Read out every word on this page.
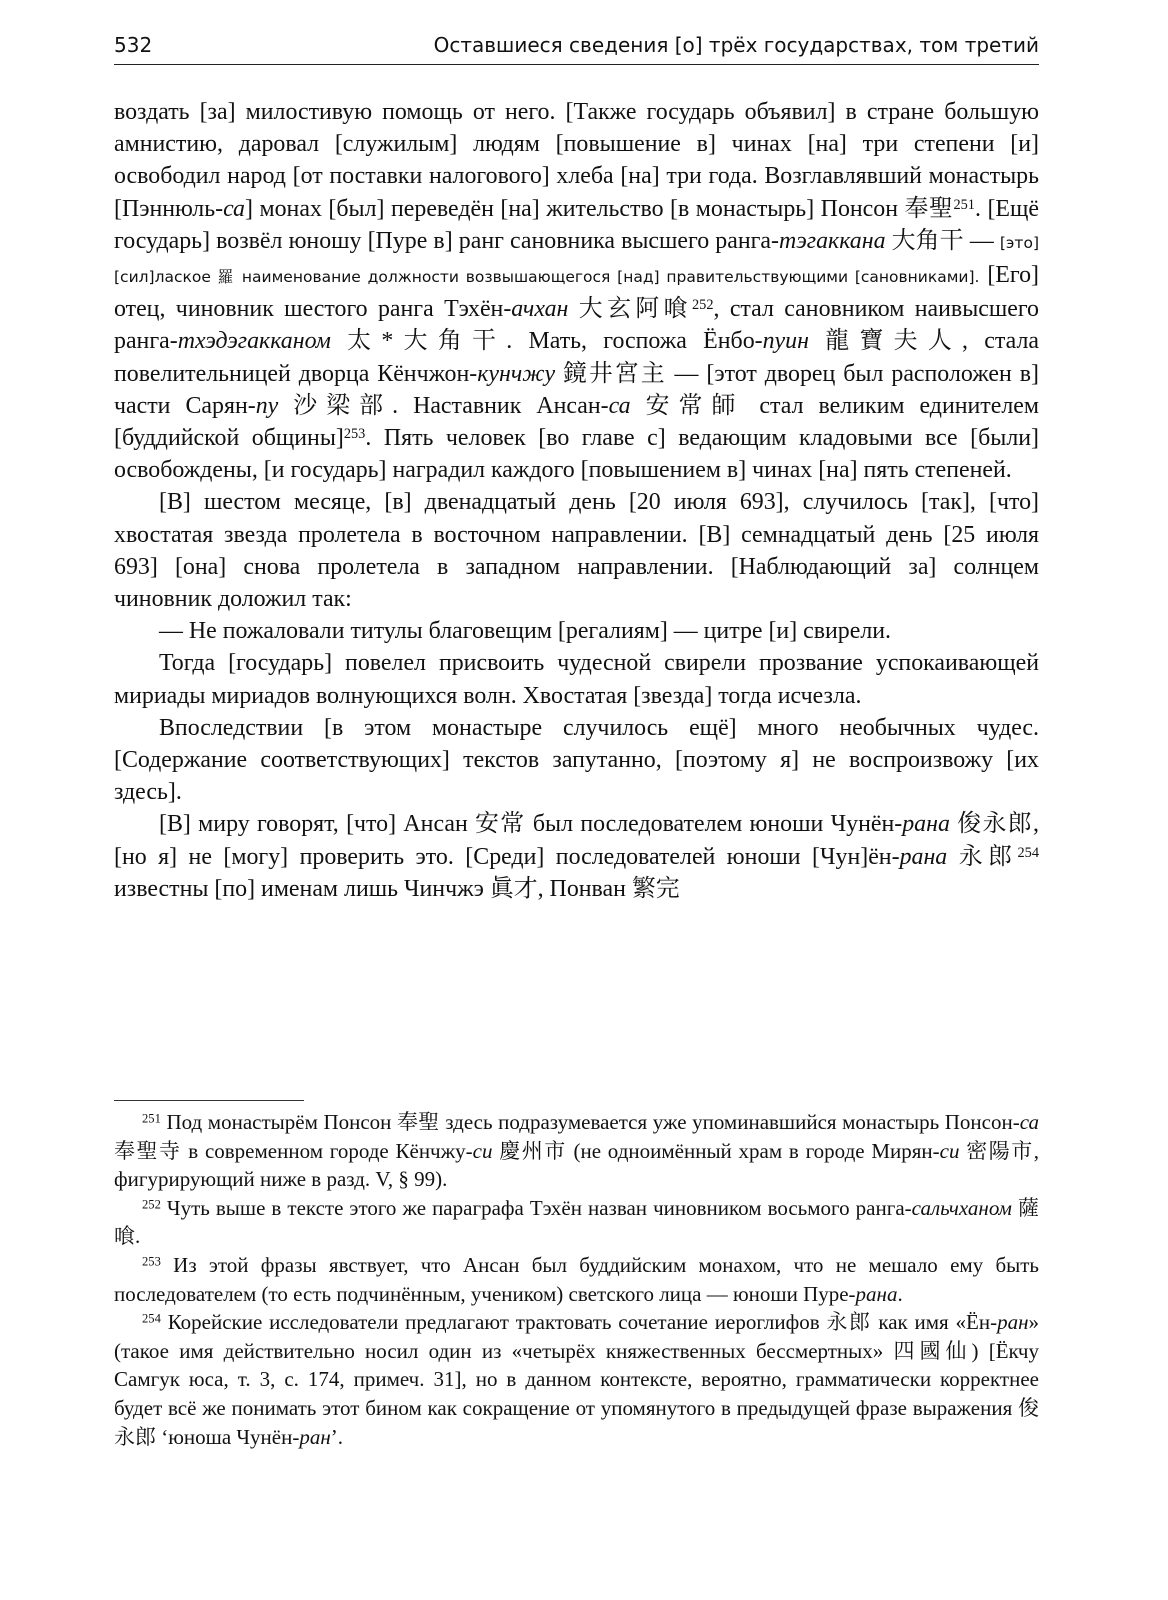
532	Оставшиеся сведения [о] трёх государствах, том третий

воздать [за] милостивую помощь от него. [Также государь объявил] в стране большую амнистию, даровал [служилым] людям [повышение в] чинах [на] три степени [и] освободил народ [от поставки налогового] хлеба [на] три года. Возглавлявший монастырь [Пэннюль-са] монах [был] переведён [на] жительство [в монастырь] Понсон 奉聖$^{251}$. [Ещё государь] возвёл юношу [Пуре в] ранг сановника высшего ранга-тэгаккана 大角干 — [это] [сил]лаское 羅 наименование должности возвышающегося [над] правительствующими [сановниками]. [Его] отец, чиновник шестого ранга Тэхён-ачхан 大玄阿喰$^{252}$, стал сановником наивысшего ранга-тхэдэгакканом 太*大角干. Мать, госпожа Ёнбо-пуин 龍寶夫人, стала повелительницей дворца Кёнчжон-кунчжу 鏡井宮主 — [этот дворец был расположен в] части Сарян-пу 沙梁部. Наставник Ансан-са 安常師 стал великим единителем [буддийской общины]$^{253}$. Пять человек [во главе с] ведающим кладовыми все [были] освобождены, [и государь] наградил каждого [повышением в] чинах [на] пять степеней.

[В] шестом месяце, [в] двенадцатый день [20 июля 693], случилось [так], [что] хвостатая звезда пролетела в восточном направлении. [В] семнадцатый день [25 июля 693] [она] снова пролетела в западном направлении. [Наблюдающий за] солнцем чиновник доложил так:

— Не пожаловали титулы благовещим [регалиям] — цитре [и] свирели.

Тогда [государь] повелел присвоить чудесной свирели прозвание успокаивающей мириады мириадов волнующихся волн. Хвостатая [звезда] тогда исчезла.

Впоследствии [в этом монастыре случилось ещё] много необычных чудес. [Содержание соответствующих] текстов запутанно, [поэтому я] не воспроизвожу [их здесь].

[В] миру говорят, [что] Ансан 安常 был последователем юноши Чунён-рана 俊永郎, [но я] не [могу] проверить это. [Среди] последователей юноши [Чун]ён-рана 永郎$^{254}$ известны [по] именам лишь Чинчжэ 眞才, Понван 繁完

$^{251}$ Под монастырём Понсон 奉聖 здесь подразумевается уже упоминавшийся монастырь Понсон-са 奉聖寺 в современном городе Кёнчжу-си 慶州市 (не одноимённый храм в городе Мирян-си 密陽市, фигурирующий ниже в разд. V, § 99).

$^{252}$ Чуть выше в тексте этого же параграфа Тэхён назван чиновником восьмого ранга-сальчханом 薩喰.

$^{253}$ Из этой фразы явствует, что Ансан был буддийским монахом, что не мешало ему быть последователем (то есть подчинённым, учеником) светского лица — юноши Пуре-рана.

$^{254}$ Корейские исследователи предлагают трактовать сочетание иероглифов 永郎 как имя «Ён-ран» (такое имя действительно носил один из «четырёх княжественных бессмертных» 四國仙) [Ёкчу Самгук юса, т. 3, с. 174, примеч. 31], но в данном контексте, вероятно, грамматически корректнее будет всё же понимать этот бином как сокращение от упомянутого в предыдущей фразе выражения 俊永郎 ‘юноша Чунён-ран’.
